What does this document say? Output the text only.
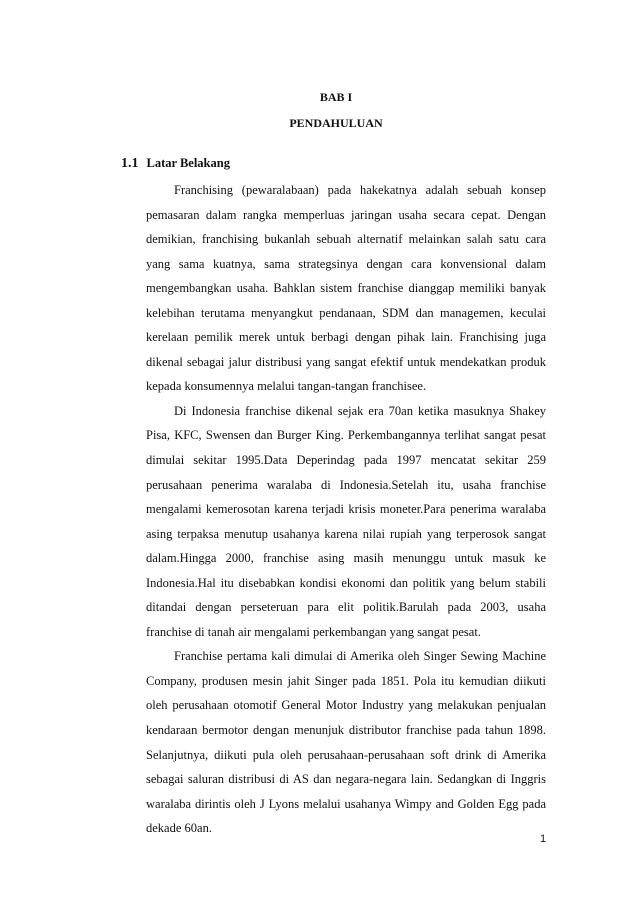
BAB I
PENDAHULUAN
1.1 Latar Belakang

Franchising (pewaralabaan) pada hakekatnya adalah sebuah konsep pemasaran dalam rangka memperluas jaringan usaha secara cepat. Dengan demikian, franchising bukanlah sebuah alternatif melainkan salah satu cara yang sama kuatnya, sama strategsinya dengan cara konvensional dalam mengembangkan usaha. Bahklan sistem franchise dianggap memiliki banyak kelebihan terutama menyangkut pendanaan, SDM dan managemen, keculai kerelaan pemilik merek untuk berbagi dengan pihak lain. Franchising juga dikenal sebagai jalur distribusi yang sangat efektif untuk mendekatkan produk kepada konsumennya melalui tangan-tangan franchisee.

Di Indonesia franchise dikenal sejak era 70an ketika masuknya Shakey Pisa, KFC, Swensen dan Burger King. Perkembangannya terlihat sangat pesat dimulai sekitar 1995.Data Deperindag pada 1997 mencatat sekitar 259 perusahaan penerima waralaba di Indonesia.Setelah itu, usaha franchise mengalami kemerosotan karena terjadi krisis moneter.Para penerima waralaba asing terpaksa menutup usahanya karena nilai rupiah yang terperosok sangat dalam.Hingga 2000, franchise asing masih menunggu untuk masuk ke Indonesia.Hal itu disebabkan kondisi ekonomi dan politik yang belum stabili ditandai dengan perseteruan para elit politik.Barulah pada 2003, usaha franchise di tanah air mengalami perkembangan yang sangat pesat.

Franchise pertama kali dimulai di Amerika oleh Singer Sewing Machine Company, produsen mesin jahit Singer pada 1851. Pola itu kemudian diikuti oleh perusahaan otomotif General Motor Industry yang melakukan penjualan kendaraan bermotor dengan menunjuk distributor franchise pada tahun 1898. Selanjutnya, diikuti pula oleh perusahaan-perusahaan soft drink di Amerika sebagai saluran distribusi di AS dan negara-negara lain. Sedangkan di Inggris waralaba dirintis oleh J Lyons melalui usahanya Wimpy and Golden Egg pada dekade 60an.

1
